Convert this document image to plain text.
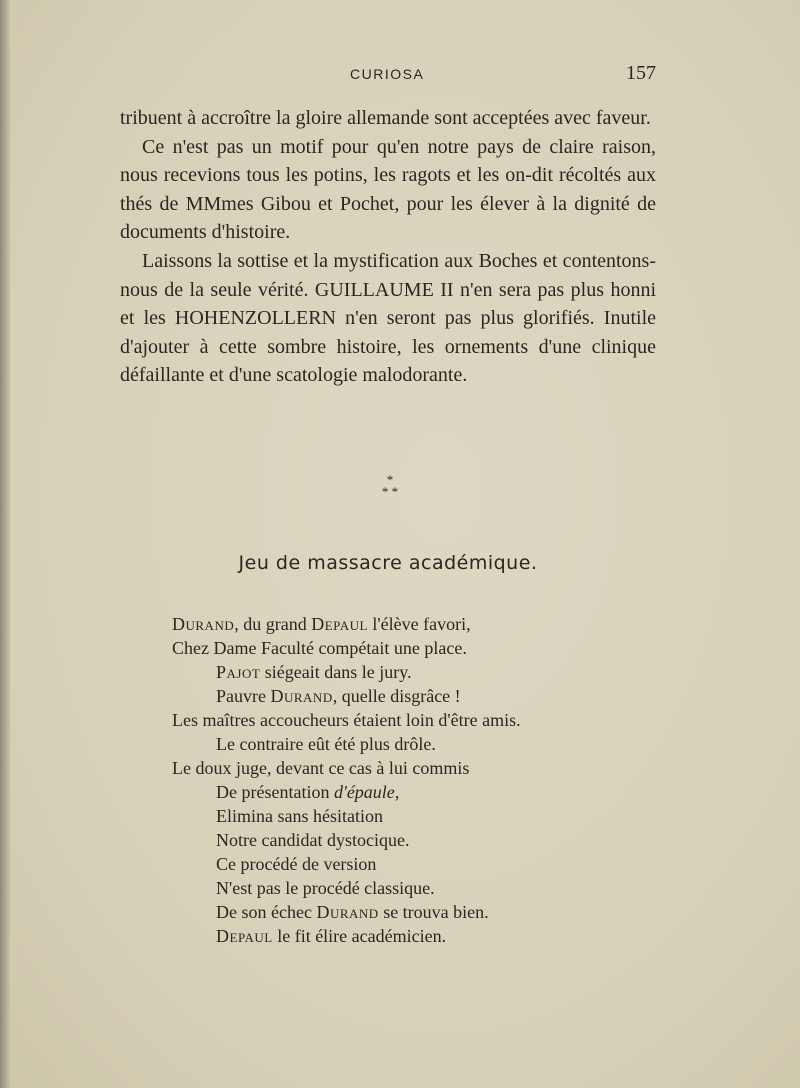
CURIOSA	157

tribuent à accroître la gloire allemande sont acceptées avec faveur.

Ce n'est pas un motif pour qu'en notre pays de claire raison, nous recevions tous les potins, les ragots et les on-dit récoltés aux thés de MMmes Gibou et Pochet, pour les élever à la dignité de documents d'histoire.

Laissons la sottise et la mystification aux Boches et contentons-nous de la seule vérité. GUILLAUME II n'en sera pas plus honni et les HOHENZOLLERN n'en seront pas plus glorifiés. Inutile d'ajouter à cette sombre histoire, les ornements d'une clinique défaillante et d'une scatologie malodorante.

*
* *
Jeu de massacre académique.
Durand, du grand Depaul l'élève favori,
Chez Dame Faculté compétait une place.
Pajot siégeait dans le jury.
Pauvre Durand, quelle disgrâce !
Les maîtres accoucheurs étaient loin d'être amis.
Le contraire eût été plus drôle.
Le doux juge, devant ce cas à lui commis
De présentation d'épaule,
Elimina sans hésitation
Notre candidat dystocique.
Ce procédé de version
N'est pas le procédé classique.
De son échec Durand se trouva bien.
Depaul le fit élire académicien.
